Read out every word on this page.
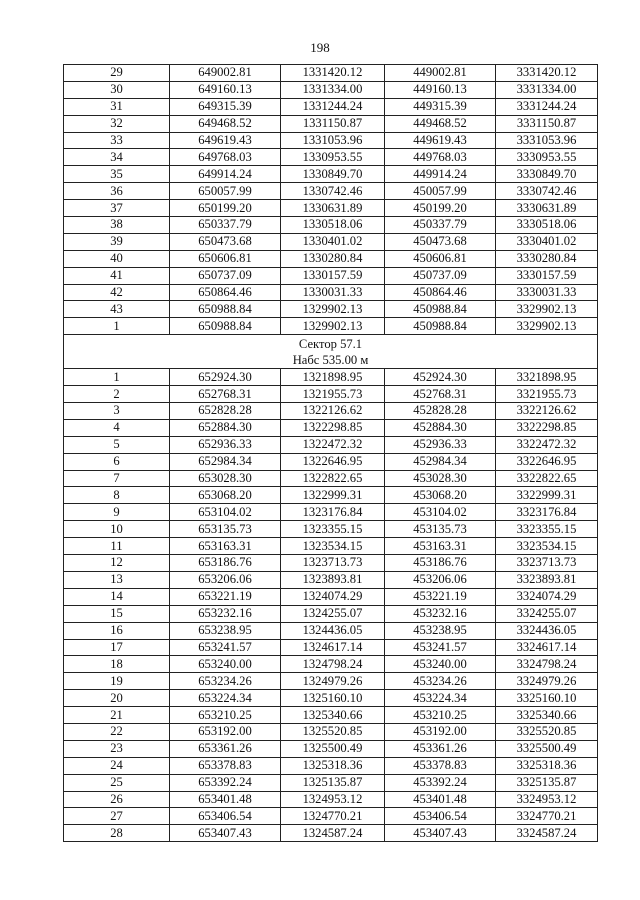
198
29	649002.81	1331420.12	449002.81	3331420.12
30	649160.13	1331334.00	449160.13	3331334.00
31	649315.39	1331244.24	449315.39	3331244.24
32	649468.52	1331150.87	449468.52	3331150.87
33	649619.43	1331053.96	449619.43	3331053.96
34	649768.03	1330953.55	449768.03	3330953.55
35	649914.24	1330849.70	449914.24	3330849.70
36	650057.99	1330742.46	450057.99	3330742.46
37	650199.20	1330631.89	450199.20	3330631.89
38	650337.79	1330518.06	450337.79	3330518.06
39	650473.68	1330401.02	450473.68	3330401.02
40	650606.81	1330280.84	450606.81	3330280.84
41	650737.09	1330157.59	450737.09	3330157.59
42	650864.46	1330031.33	450864.46	3330031.33
43	650988.84	1329902.13	450988.84	3329902.13
1	650988.84	1329902.13	450988.84	3329902.13
Сектор 57.1				
Набс 535.00 м				
1	652924.30	1321898.95	452924.30	3321898.95
2	652768.31	1321955.73	452768.31	3321955.73
3	652828.28	1322126.62	452828.28	3322126.62
4	652884.30	1322298.85	452884.30	3322298.85
5	652936.33	1322472.32	452936.33	3322472.32
6	652984.34	1322646.95	452984.34	3322646.95
7	653028.30	1322822.65	453028.30	3322822.65
8	653068.20	1322999.31	453068.20	3322999.31
9	653104.02	1323176.84	453104.02	3323176.84
10	653135.73	1323355.15	453135.73	3323355.15
11	653163.31	1323534.15	453163.31	3323534.15
12	653186.76	1323713.73	453186.76	3323713.73
13	653206.06	1323893.81	453206.06	3323893.81
14	653221.19	1324074.29	453221.19	3324074.29
15	653232.16	1324255.07	453232.16	3324255.07
16	653238.95	1324436.05	453238.95	3324436.05
17	653241.57	1324617.14	453241.57	3324617.14
18	653240.00	1324798.24	453240.00	3324798.24
19	653234.26	1324979.26	453234.26	3324979.26
20	653224.34	1325160.10	453224.34	3325160.10
21	653210.25	1325340.66	453210.25	3325340.66
22	653192.00	1325520.85	453192.00	3325520.85
23	653361.26	1325500.49	453361.26	3325500.49
24	653378.83	1325318.36	453378.83	3325318.36
25	653392.24	1325135.87	453392.24	3325135.87
26	653401.48	1324953.12	453401.48	3324953.12
27	653406.54	1324770.21	453406.54	3324770.21
28	653407.43	1324587.24	453407.43	3324587.24
